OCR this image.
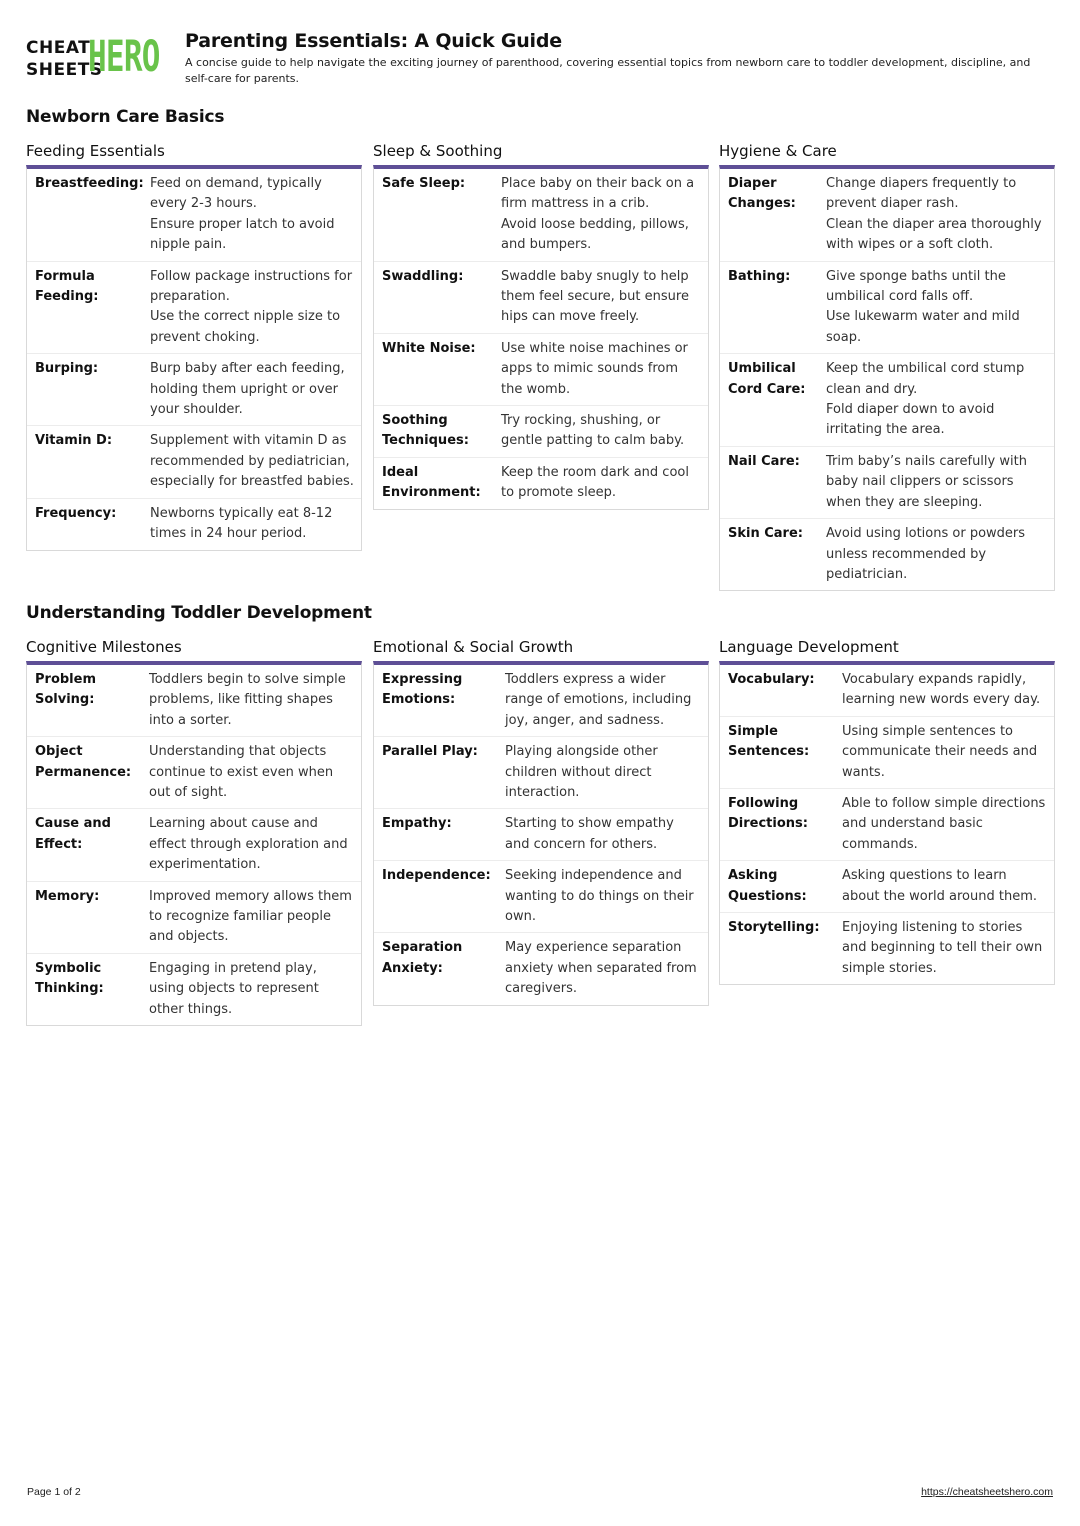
CHEAT
SHEETS
HERO Parenting Essentials: A Quick Guide
A concise guide to help navigate the exciting journey of parenthood, covering essential topics from newborn care to toddler development, discipline, and self-care for parents.
Newborn Care Basics
Feeding Essentials
Breastfeeding: Feed on demand, typically every 2-3 hours.
Ensure proper latch to avoid nipple pain.
Formula Feeding:
Follow package instructions for preparation.
Use the correct nipple size to prevent choking.
Burping:	Burp baby after each feeding, holding them upright or over your shoulder.
Vitamin D:	Supplement with vitamin D as recommended by pediatrician, especially for breastfed babies.
Frequency:	Newborns typically eat 8-12 times in 24 hour period.
Sleep & Soothing
Safe Sleep:	Place baby on their back on a firm mattress in a crib.
Avoid loose bedding, pillows, and bumpers.
Swaddling:	Swaddle baby snugly to help them feel secure, but ensure hips can move freely.
White Noise:	Use white noise machines or apps to mimic sounds from the womb.
Soothing Techniques:
Try rocking, shushing, or gentle patting to calm baby.
Ideal Environment:
Keep the room dark and cool to promote sleep.
Hygiene & Care
Diaper Changes:
Change diapers frequently to prevent diaper rash.
Clean the diaper area thoroughly with wipes or a soft cloth.
Bathing:	Give sponge baths until the umbilical cord falls off.
Use lukewarm water and mild soap.
Umbilical Cord Care:
Keep the umbilical cord stump clean and dry.
Fold diaper down to avoid irritating the area.
Nail Care:	Trim baby’s nails carefully with baby nail clippers or scissors when they are sleeping.
Skin Care:	Avoid using lotions or powders unless recommended by pediatrician.
Understanding Toddler Development
Cognitive Milestones
Problem Solving:
Toddlers begin to solve simple problems, like fitting shapes into a sorter.
Object Permanence:
Understanding that objects continue to exist even when out of sight.
Cause and Effect:
Learning about cause and effect through exploration and experimentation.
Memory:	Improved memory allows them to recognize familiar people and objects.
Symbolic Thinking:
Engaging in pretend play, using objects to represent other things.
Emotional & Social Growth
Expressing Emotions:
Toddlers express a wider range of emotions, including joy, anger, and sadness.
Parallel Play:	Playing alongside other children without direct interaction.
Empathy:	Starting to show empathy and concern for others.
Independence:	Seeking independence and wanting to do things on their own.
Separation Anxiety:
May experience separation anxiety when separated from caregivers.
Language Development
Vocabulary:	Vocabulary expands rapidly, learning new words every day.
Simple Sentences:
Using simple sentences to communicate their needs and wants.
Following Directions:
Able to follow simple directions and understand basic commands.
Asking Questions:
Asking questions to learn about the world around them.
Storytelling:	Enjoying listening to stories and beginning to tell their own simple stories.
Page 1 of 2	https://cheatsheetshero.com
